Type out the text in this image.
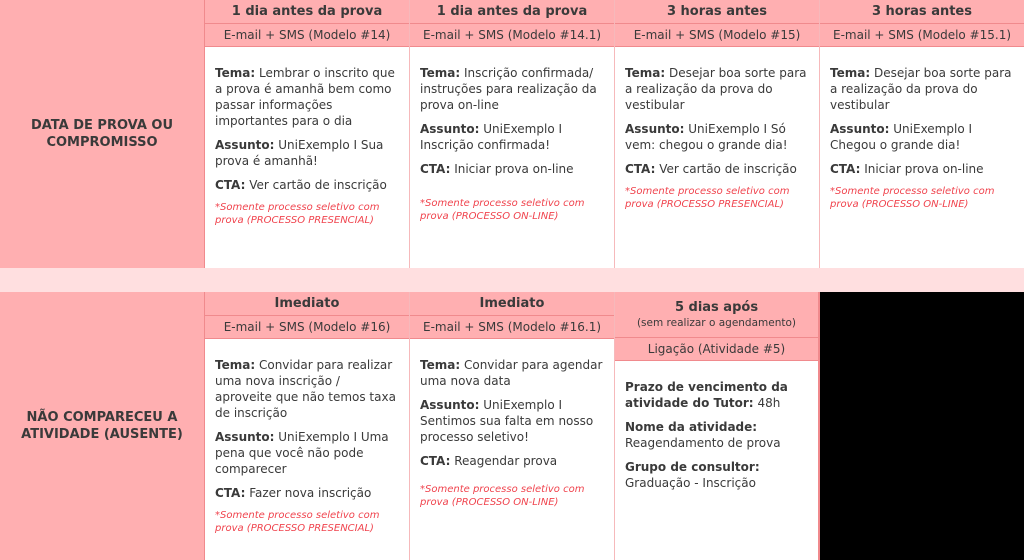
DATA DE PROVA OU COMPROMISSO
1 dia antes da prova
E-mail + SMS (Modelo #14)

Tema: Lembrar o inscrito que a prova é amanhã bem como passar informações importantes para o dia

Assunto: UniExemplo I Sua prova é amanhã!

CTA: Ver cartão de inscrição

*Somente processo seletivo com prova (PROCESSO PRESENCIAL)
1 dia antes da prova
E-mail + SMS (Modelo #14.1)

Tema: Inscrição confirmada/ instruções para realização da prova on-line

Assunto: UniExemplo I Inscrição confirmada!

CTA: Iniciar prova on-line

*Somente processo seletivo com prova (PROCESSO ON-LINE)
3 horas antes
E-mail + SMS (Modelo #15)

Tema: Desejar boa sorte para a realização da prova do vestibular

Assunto: UniExemplo I Só vem: chegou o grande dia!

CTA: Ver cartão de inscrição

*Somente processo seletivo com prova (PROCESSO PRESENCIAL)
3 horas antes
E-mail + SMS (Modelo #15.1)

Tema: Desejar boa sorte para a realização da prova do vestibular

Assunto: UniExemplo I Chegou o grande dia!

CTA: Iniciar prova on-line

*Somente processo seletivo com prova (PROCESSO ON-LINE)
NÃO COMPARECEU A ATIVIDADE (AUSENTE)
Imediato
E-mail + SMS (Modelo #16)

Tema: Convidar para realizar uma nova inscrição / aproveite que não temos taxa de inscrição

Assunto: UniExemplo I Uma pena que você não pode comparecer

CTA: Fazer nova inscrição

*Somente processo seletivo com prova (PROCESSO PRESENCIAL)
Imediato
E-mail + SMS (Modelo #16.1)

Tema: Convidar para agendar uma nova data

Assunto: UniExemplo I Sentimos sua falta em nosso processo seletivo!

CTA: Reagendar prova

*Somente processo seletivo com prova (PROCESSO ON-LINE)
5 dias após
(sem realizar o agendamento)
Ligação (Atividade #5)

Prazo de vencimento da atividade do Tutor: 48h

Nome da atividade:
Reagendamento de prova

Grupo de consultor:
Graduação - Inscrição
